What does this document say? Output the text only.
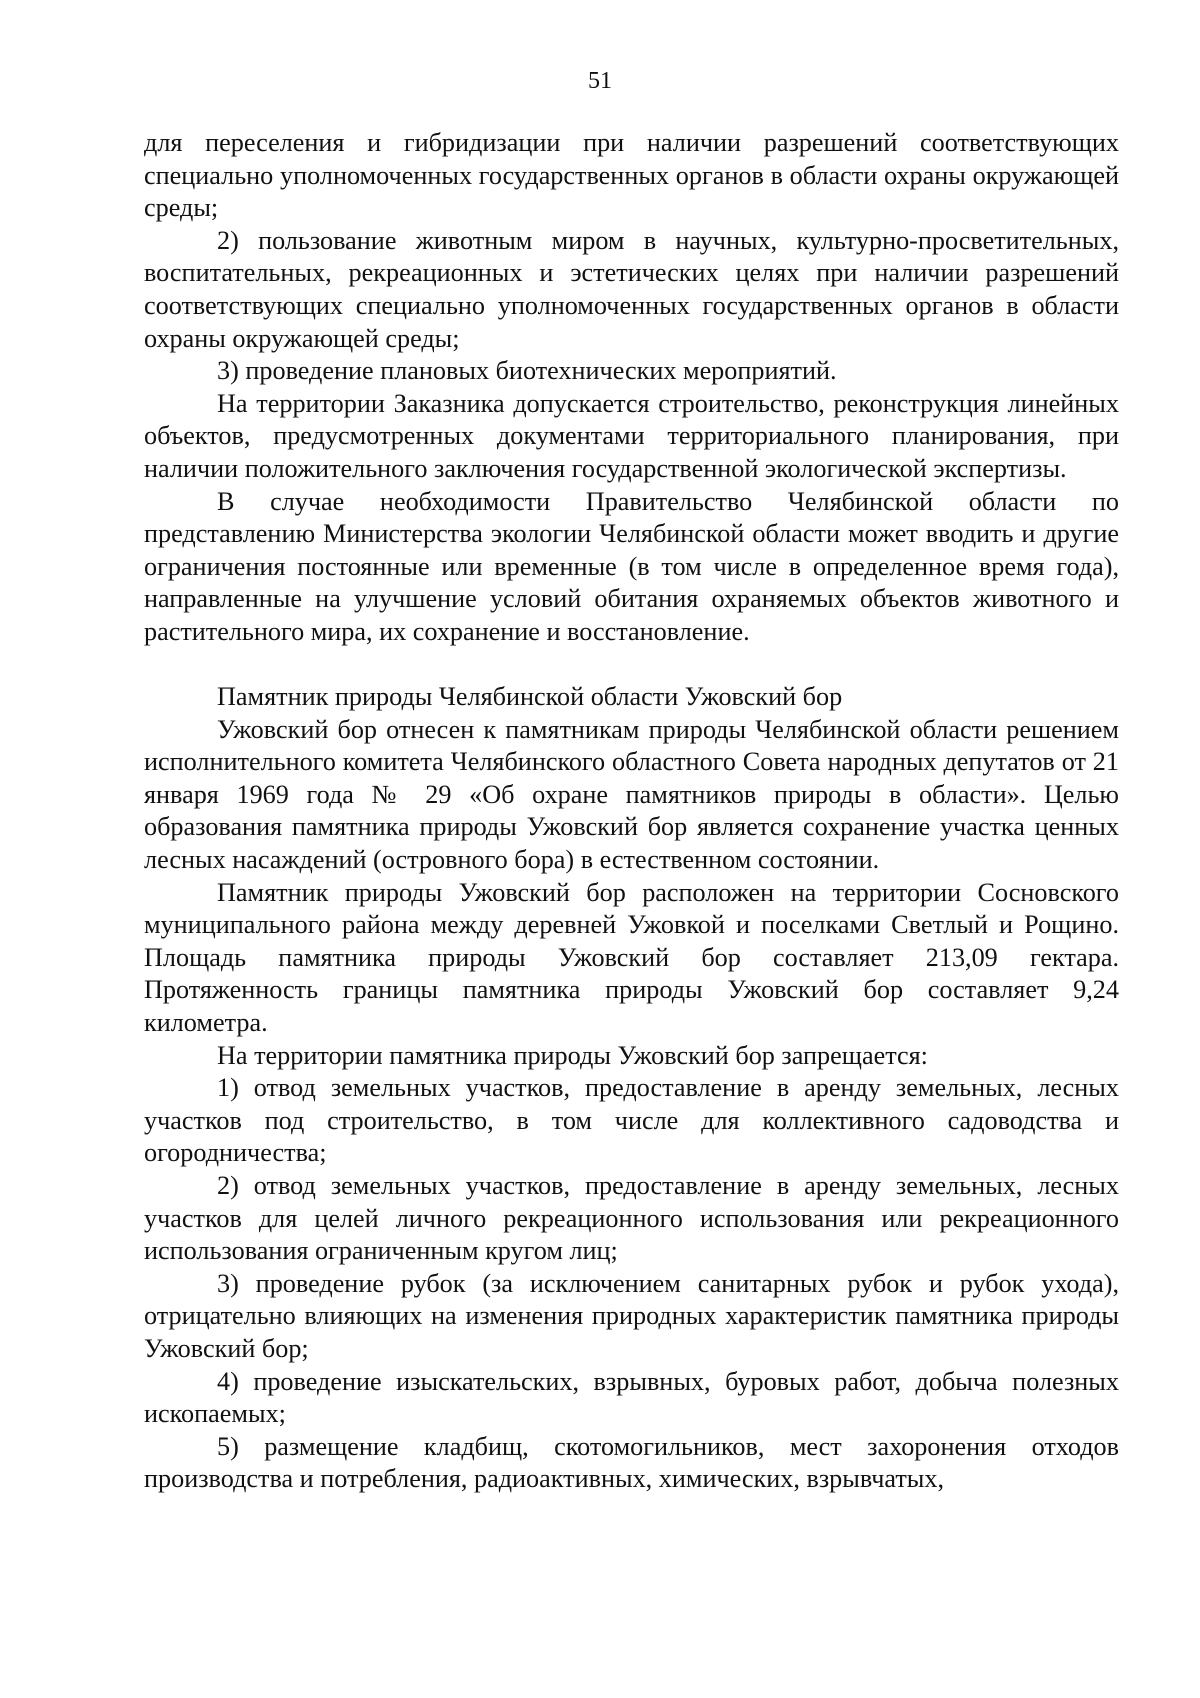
51

для переселения и гибридизации при наличии разрешений соответствующих специально уполномоченных государственных органов в области охраны окружающей среды;

2) пользование животным миром в научных, культурно-просветительных, воспитательных, рекреационных и эстетических целях при наличии разрешений соответствующих специально уполномоченных государственных органов в области охраны окружающей среды;

3) проведение плановых биотехнических мероприятий.

На территории Заказника допускается строительство, реконструкция линейных объектов, предусмотренных документами территориального планирования, при наличии положительного заключения государственной экологической экспертизы.

В случае необходимости Правительство Челябинской области по представлению Министерства экологии Челябинской области может вводить и другие ограничения постоянные или временные (в том числе в определенное время года), направленные на улучшение условий обитания охраняемых объектов животного и растительного мира, их сохранение и восстановление.

Памятник природы Челябинской области Ужовский бор

Ужовский бор отнесен к памятникам природы Челябинской области решением исполнительного комитета Челябинского областного Совета народных депутатов от 21 января 1969 года № 29 «Об охране памятников природы в области». Целью образования памятника природы Ужовский бор является сохранение участка ценных лесных насаждений (островного бора) в естественном состоянии.

Памятник природы Ужовский бор расположен на территории Сосновского муниципального района между деревней Ужовкой и поселками Светлый и Рощино. Площадь памятника природы Ужовский бор составляет 213,09 гектара. Протяженность границы памятника природы Ужовский бор составляет 9,24 километра.

На территории памятника природы Ужовский бор запрещается:

1) отвод земельных участков, предоставление в аренду земельных, лесных участков под строительство, в том числе для коллективного садоводства и огородничества;

2) отвод земельных участков, предоставление в аренду земельных, лесных участков для целей личного рекреационного использования или рекреационного использования ограниченным кругом лиц;

3) проведение рубок (за исключением санитарных рубок и рубок ухода), отрицательно влияющих на изменения природных характеристик памятника природы Ужовский бор;

4) проведение изыскательских, взрывных, буровых работ, добыча полезных ископаемых;

5) размещение кладбищ, скотомогильников, мест захоронения отходов производства и потребления, радиоактивных, химических, взрывчатых,
